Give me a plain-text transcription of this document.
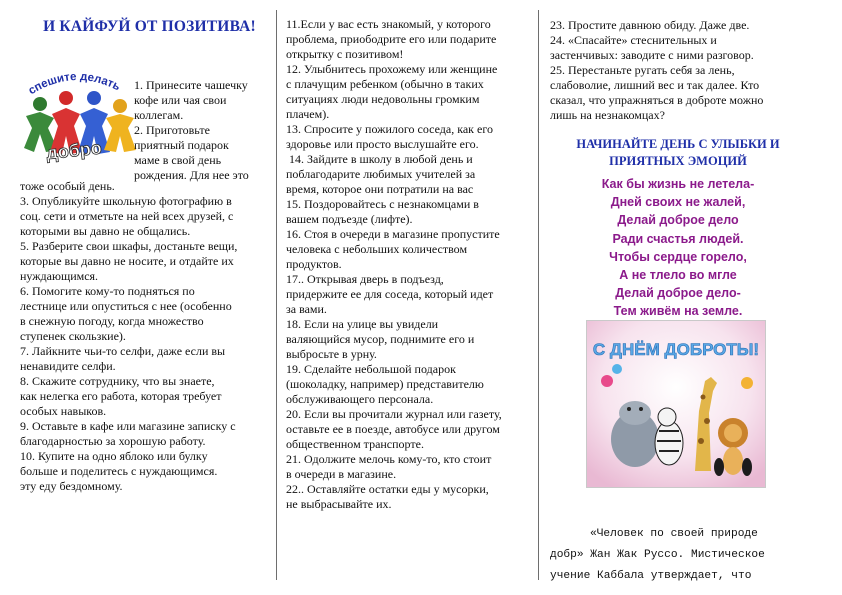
И КАЙФУЙ ОТ ПОЗИТИВА!
спешите делать
добро

1. Принесите чашечку

кофе или чая свои

коллегам.

2. Приготовьте

приятный подарок

маме в свой день

рождения. Для нее это

тоже особый день.

3. Опубликуйте школьную фотографию в

соц. сети и отметьте на ней всех друзей, с

которыми вы давно не общались.

5. Разберите свои шкафы, достаньте вещи,

которые вы давно не носите, и отдайте их

нуждающимся.

6. Помогите кому-то подняться по

лестнице или опуститься с нее (особенно

в снежную погоду, когда множество

ступенек скользкие).

7. Лайкните чьи-то селфи, даже если вы

ненавидите селфи.

8. Скажите сотруднику, что вы знаете,

как нелегка его работа, которая требует

особых навыков.

9. Оставьте в кафе или магазине записку с

благодарностью за хорошую работу.

10. Купите на одно яблоко или булку

больше и поделитесь с нуждающимся.

эту еду бездомному.

11.Если у вас есть знакомый, у которого

проблема, приободрите его или подарите

открытку с позитивом!

12. Улыбнитесь прохожему или женщине

с плачущим ребенком (обычно в таких

ситуациях люди недовольны громким

плачем).

13. Спросите у пожилого соседа, как его

здоровье или просто выслушайте его.

14. Зайдите в школу в любой день и

поблагодарите любимых учителей за

время, которое они потратили на вас

15. Поздоровайтесь с незнакомцами в

вашем подъезде (лифте).

16. Стоя в очереди в магазине пропустите

человека с небольших количеством

продуктов.

17.. Открывая дверь в подъезд,

придержите ее для соседа, который идет

за вами.

18. Если на улице вы увидели

валяющийся мусор, поднимите его и

выбросьте в урну.

19. Сделайте небольшой подарок

(шоколадку, например) представителю

обслуживающего персонала.

20. Если вы прочитали журнал или газету,

оставьте ее в поезде, автобусе или другом

общественном транспорте.

21. Одолжите мелочь кому-то, кто стоит

в очереди в магазине.

22.. Оставляйте остатки еды у мусорки,

не выбрасывайте их.

23. Простите давнюю обиду. Даже две.

24. «Спасайте» стеснительных и

застенчивых: заводите с ними разговор.

25. Перестаньте ругать себя за лень,

слабоволие, лишний вес и так далее. Кто

сказал, что упражняться в доброте можно

лишь на незнакомцах?

НАЧИНАЙТЕ ДЕНЬ С УЛЫБКИ И
ПРИЯТНЫХ ЭМОЦИЙ
Как бы жизнь не летела-
Дней своих не жалей,
Делай доброе дело
Ради счастья людей.
Чтобы сердце горело,
А не тлело во мгле
Делай доброе дело-
Тем живём на земле.
С ДНЁМ ДОБРОТЫ!
«Человек по своей природе
добр» Жан Жак Руссо. Мистическое
учение Каббала утверждает, что
